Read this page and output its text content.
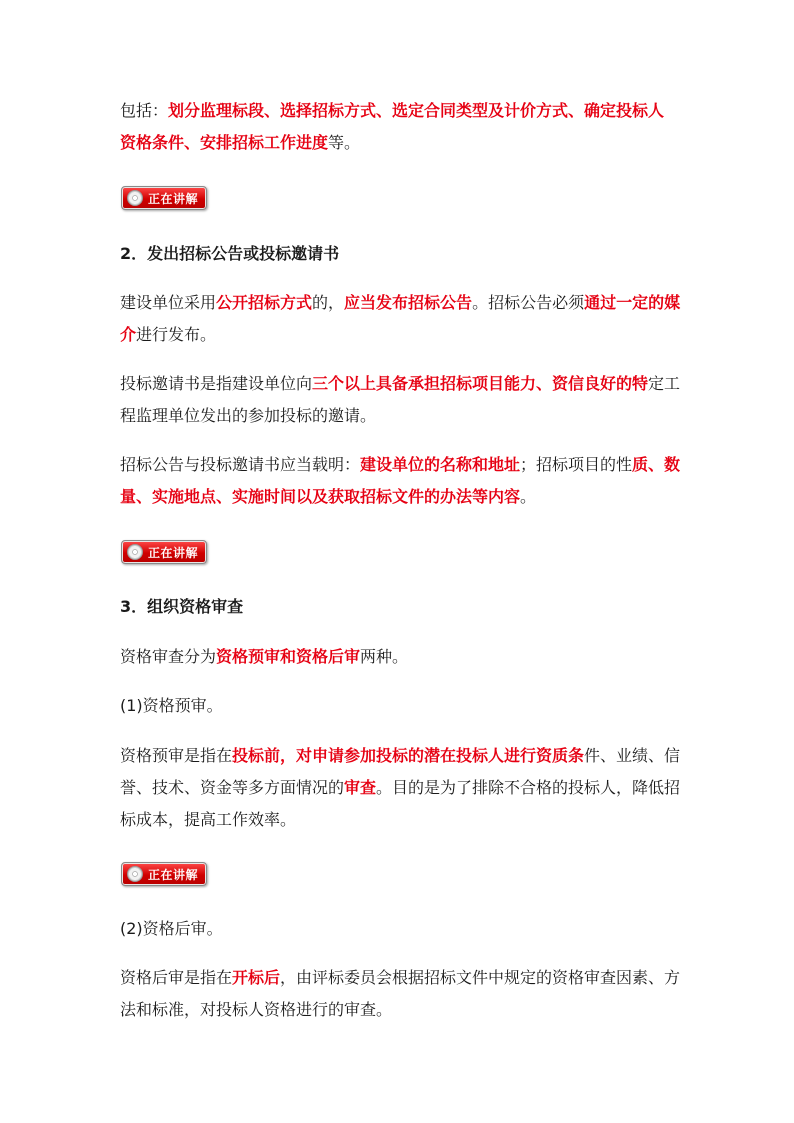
包括：划分监理标段、选择招标方式、选定合同类型及计价方式、确定投标人
资格条件、安排招标工作进度等。
正在讲解
2．发出招标公告或投标邀请书
建设单位采用公开招标方式的，应当发布招标公告。招标公告必须通过一定的媒
介进行发布。
投标邀请书是指建设单位向三个以上具备承担招标项目能力、资信良好的特定工
程监理单位发出的参加投标的邀请。
招标公告与投标邀请书应当载明：建设单位的名称和地址；招标项目的性质、数
量、实施地点、实施时间以及获取招标文件的办法等内容。
正在讲解
3．组织资格审查
资格审查分为资格预审和资格后审两种。
(1)资格预审。
资格预审是指在投标前，对申请参加投标的潜在投标人进行资质条件、业绩、信
誉、技术、资金等多方面情况的审查。目的是为了排除不合格的投标人，降低招
标成本，提高工作效率。
正在讲解
(2)资格后审。
资格后审是指在开标后，由评标委员会根据招标文件中规定的资格审查因素、方
法和标准，对投标人资格进行的审查。
